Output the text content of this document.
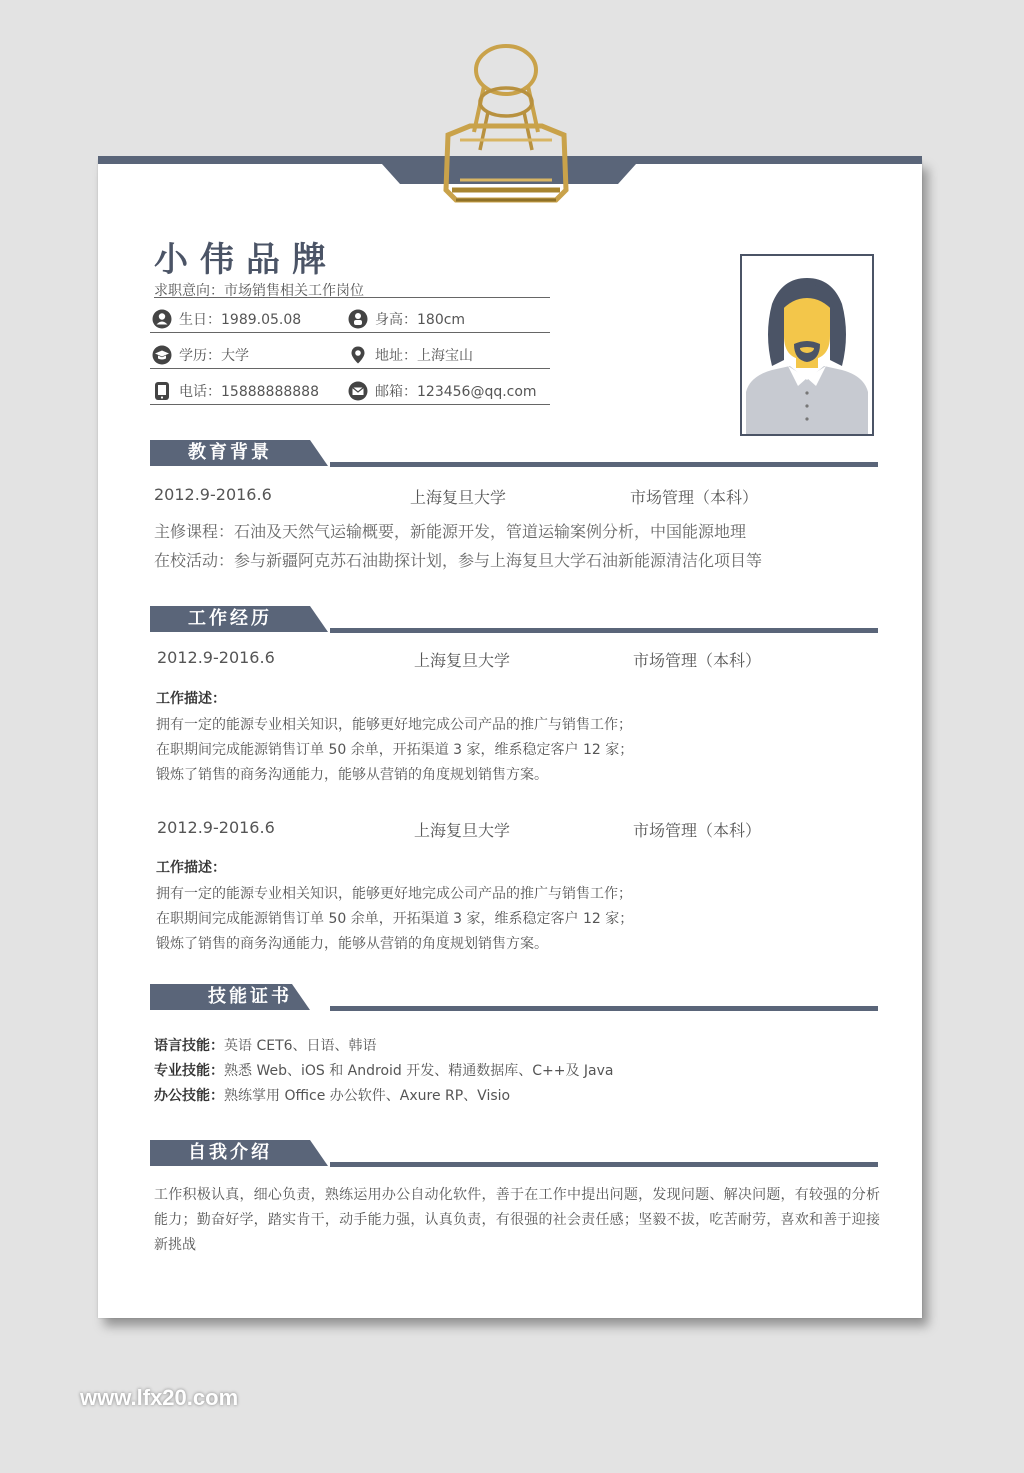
小伟品牌
求职意向：市场销售相关工作岗位
生日：1989.05.08	身高：180cm
学历：大学	地址：上海宝山
电话：15888888888	邮箱：123456@qq.com
教育背景
2012.9-2016.6	上海复旦大学	市场管理（本科）
主修课程：石油及天然气运输概要，新能源开发，管道运输案例分析，中国能源地理
在校活动：参与新疆阿克苏石油勘探计划，参与上海复旦大学石油新能源清洁化项目等
工作经历
2012.9-2016.6	上海复旦大学	市场管理（本科）
工作描述：
拥有一定的能源专业相关知识，能够更好地完成公司产品的推广与销售工作；
在职期间完成能源销售订单 50 余单，开拓渠道 3 家，维系稳定客户 12 家；
锻炼了销售的商务沟通能力，能够从营销的角度规划销售方案。
2012.9-2016.6	上海复旦大学	市场管理（本科）
工作描述：
拥有一定的能源专业相关知识，能够更好地完成公司产品的推广与销售工作；
在职期间完成能源销售订单 50 余单，开拓渠道 3 家，维系稳定客户 12 家；
锻炼了销售的商务沟通能力，能够从营销的角度规划销售方案。
技能证书
语言技能：英语 CET6、日语、韩语
专业技能：熟悉 Web、iOS 和 Android 开发、精通数据库、C++及 Java
办公技能：熟练掌用 Office 办公软件、Axure RP、Visio
自我介绍
工作积极认真，细心负责，熟练运用办公自动化软件，善于在工作中提出问题，发现问题、解决问题，有较强的分析能力；勤奋好学，踏实肯干，动手能力强，认真负责，有很强的社会责任感；坚毅不拔，吃苦耐劳，喜欢和善于迎接新挑战
www.lfx20.com
